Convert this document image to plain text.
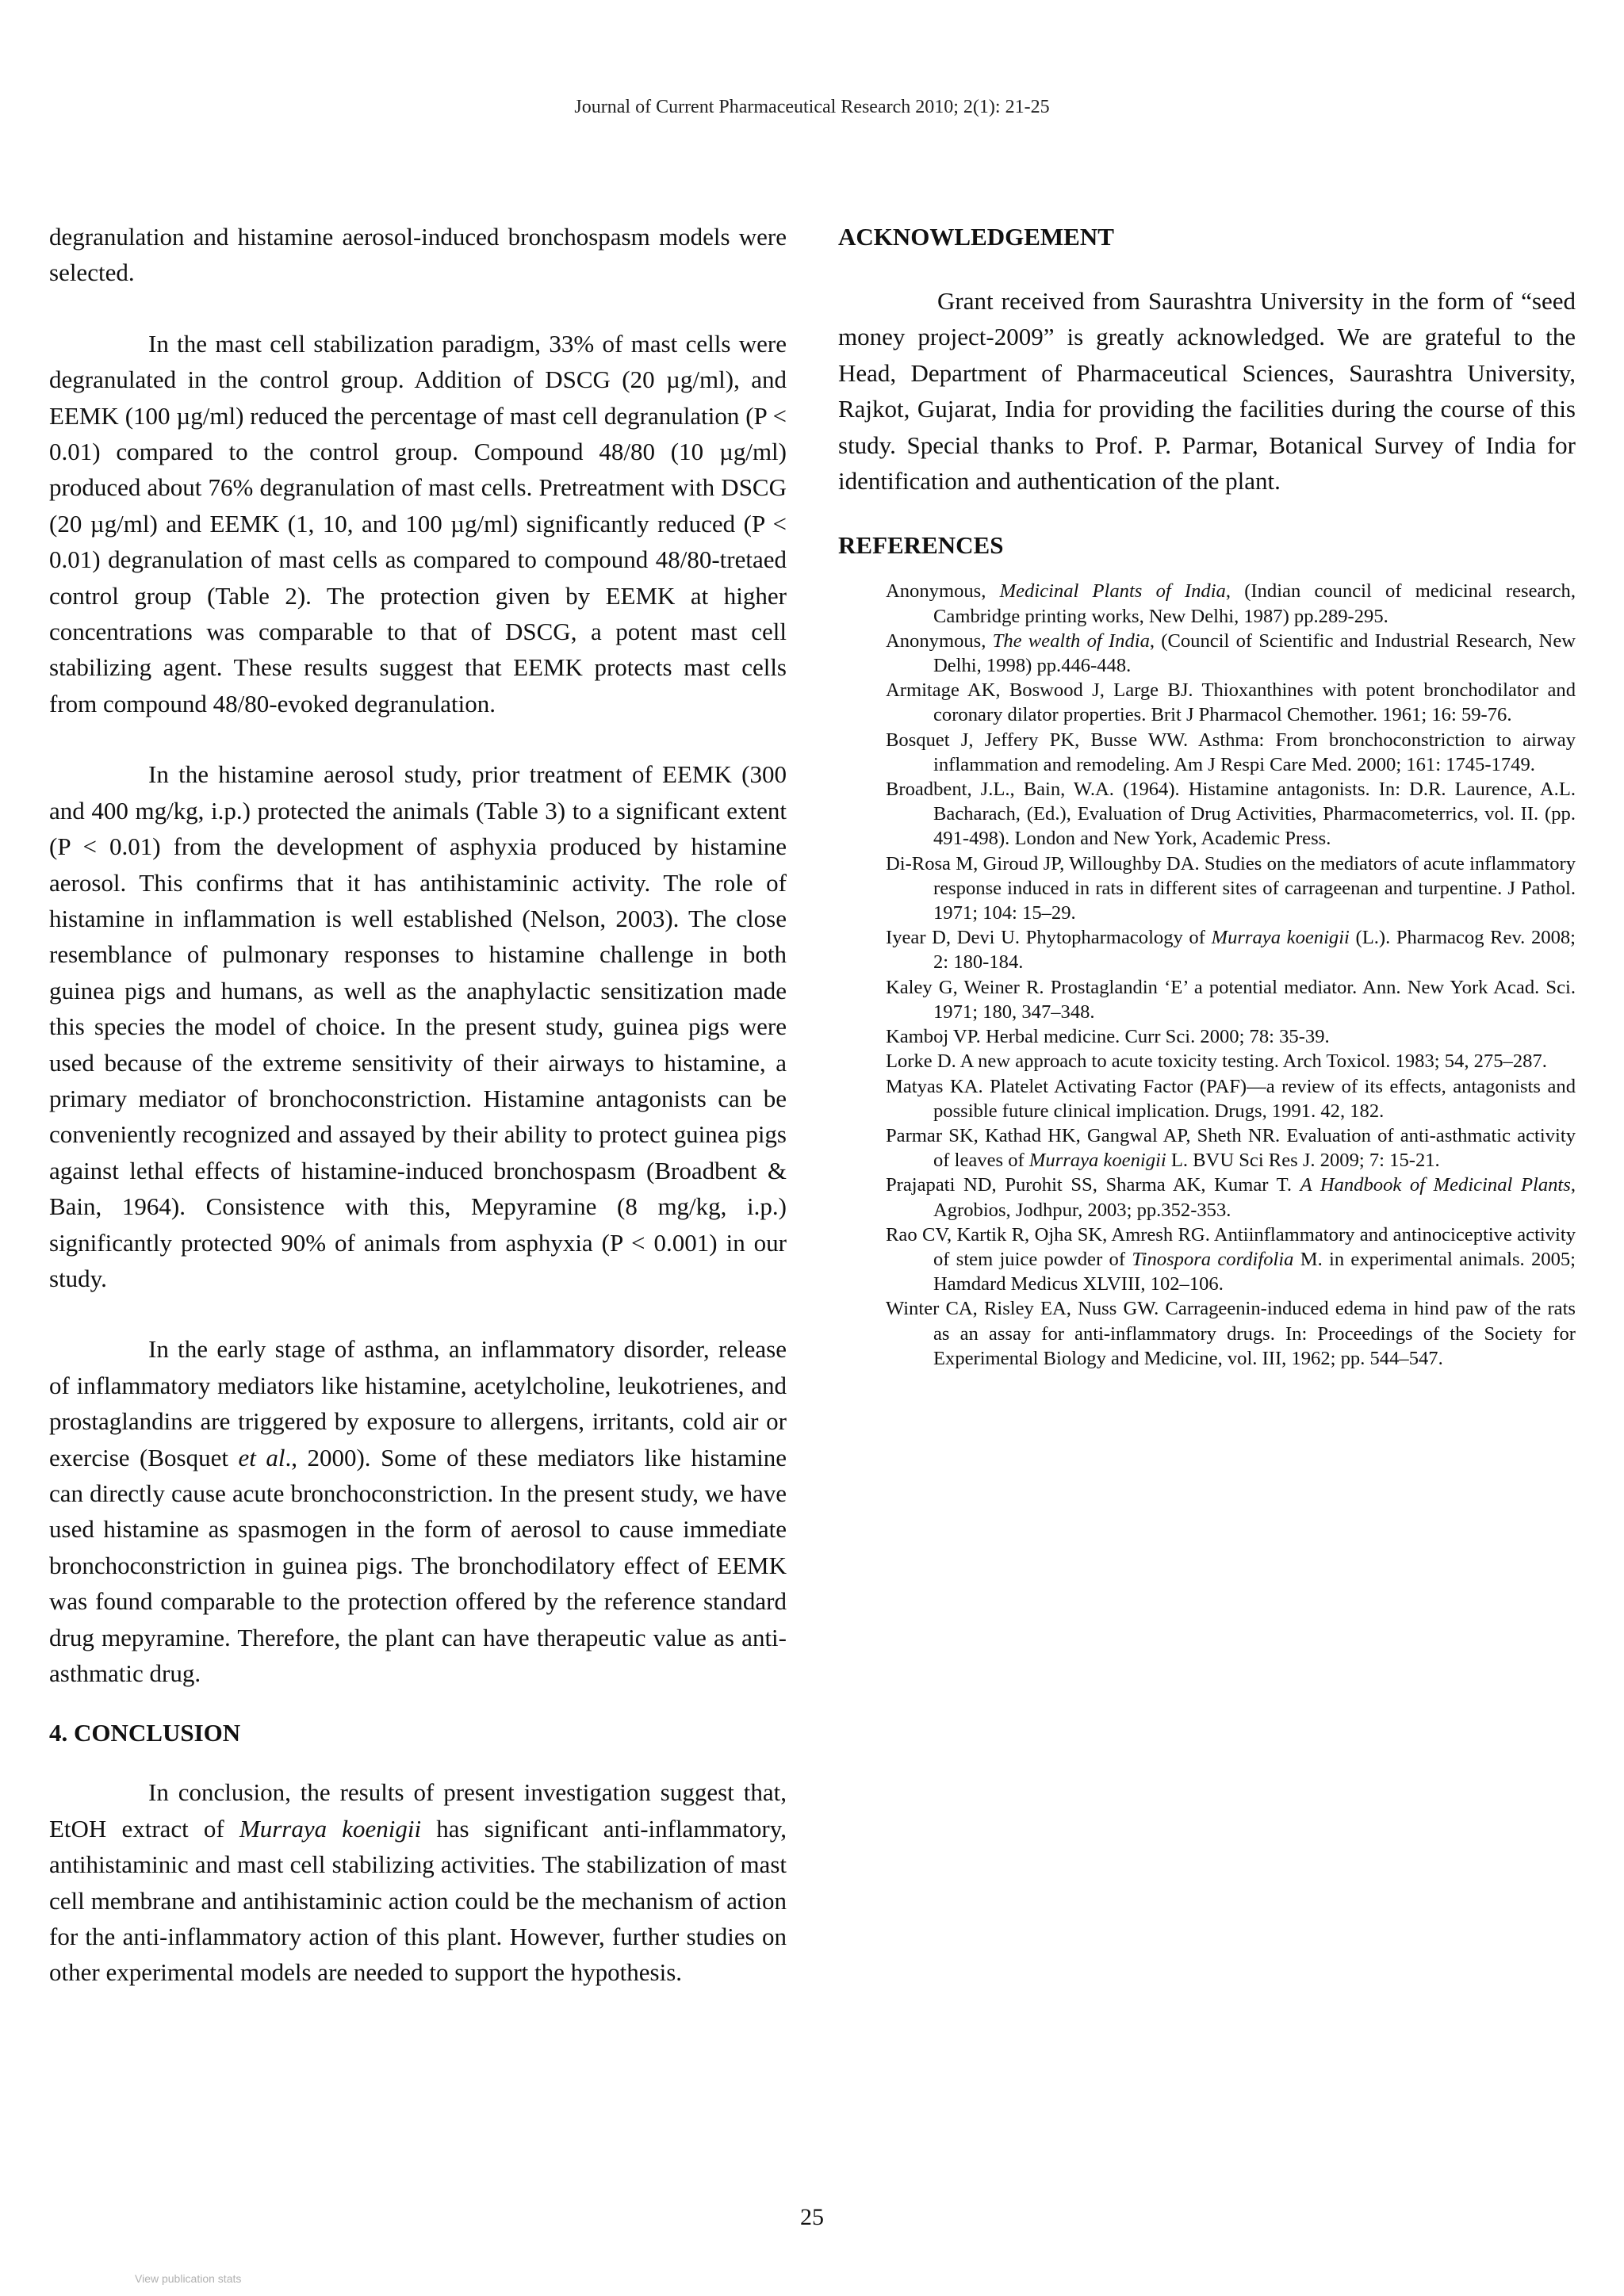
Journal of Current Pharmaceutical Research 2010; 2(1): 21-25

degranulation and histamine aerosol-induced bronchospasm models were selected.

In the mast cell stabilization paradigm, 33% of mast cells were degranulated in the control group. Addition of DSCG (20 µg/ml), and EEMK (100 µg/ml) reduced the percentage of mast cell degranulation (P < 0.01) compared to the control group. Compound 48/80 (10 µg/ml) produced about 76% degranulation of mast cells. Pretreatment with DSCG (20 µg/ml) and EEMK (1, 10, and 100 µg/ml) significantly reduced (P < 0.01) degranulation of mast cells as compared to compound 48/80-tretaed control group (Table 2). The protection given by EEMK at higher concentrations was comparable to that of DSCG, a potent mast cell stabilizing agent. These results suggest that EEMK protects mast cells from compound 48/80-evoked degranulation.

In the histamine aerosol study, prior treatment of EEMK (300 and 400 mg/kg, i.p.) protected the animals (Table 3) to a significant extent (P < 0.01) from the development of asphyxia produced by histamine aerosol. This confirms that it has antihistaminic activity. The role of histamine in inflammation is well established (Nelson, 2003). The close resemblance of pulmonary responses to histamine challenge in both guinea pigs and humans, as well as the anaphylactic sensitization made this species the model of choice. In the present study, guinea pigs were used because of the extreme sensitivity of their airways to histamine, a primary mediator of bronchoconstriction. Histamine antagonists can be conveniently recognized and assayed by their ability to protect guinea pigs against lethal effects of histamine-induced bronchospasm (Broadbent & Bain, 1964). Consistence with this, Mepyramine (8 mg/kg, i.p.) significantly protected 90% of animals from asphyxia (P < 0.001) in our study.

In the early stage of asthma, an inflammatory disorder, release of inflammatory mediators like histamine, acetylcholine, leukotrienes, and prostaglandins are triggered by exposure to allergens, irritants, cold air or exercise (Bosquet et al., 2000). Some of these mediators like histamine can directly cause acute bronchoconstriction. In the present study, we have used histamine as spasmogen in the form of aerosol to cause immediate bronchoconstriction in guinea pigs. The bronchodilatory effect of EEMK was found comparable to the protection offered by the reference standard drug mepyramine. Therefore, the plant can have therapeutic value as anti-asthmatic drug.

4. CONCLUSION

In conclusion, the results of present investigation suggest that, EtOH extract of Murraya koenigii has significant anti-inflammatory, antihistaminic and mast cell stabilizing activities. The stabilization of mast cell membrane and antihistaminic action could be the mechanism of action for the anti-inflammatory action of this plant. However, further studies on other experimental models are needed to support the hypothesis.

ACKNOWLEDGEMENT

Grant received from Saurashtra University in the form of “seed money project-2009” is greatly acknowledged. We are grateful to the Head, Department of Pharmaceutical Sciences, Saurashtra University, Rajkot, Gujarat, India for providing the facilities during the course of this study. Special thanks to Prof. P. Parmar, Botanical Survey of India for identification and authentication of the plant.

REFERENCES

Anonymous, Medicinal Plants of India, (Indian council of medicinal research, Cambridge printing works, New Delhi, 1987) pp.289-295.

Anonymous, The wealth of India, (Council of Scientific and Industrial Research, New Delhi, 1998) pp.446-448.

Armitage AK, Boswood J, Large BJ. Thioxanthines with potent bronchodilator and coronary dilator properties. Brit J Pharmacol Chemother. 1961; 16: 59-76.

Bosquet J, Jeffery PK, Busse WW. Asthma: From bronchoconstriction to airway inflammation and remodeling. Am J Respi Care Med. 2000; 161: 1745-1749.

Broadbent, J.L., Bain, W.A. (1964). Histamine antagonists. In: D.R. Laurence, A.L. Bacharach, (Ed.), Evaluation of Drug Activities, Pharmacometerrics, vol. II. (pp. 491-498). London and New York, Academic Press.

Di-Rosa M, Giroud JP, Willoughby DA. Studies on the mediators of acute inflammatory response induced in rats in different sites of carrageenan and turpentine. J Pathol. 1971; 104: 15–29.

Iyear D, Devi U. Phytopharmacology of Murraya koenigii (L.). Pharmacog Rev. 2008; 2: 180-184.

Kaley G, Weiner R. Prostaglandin ‘E’ a potential mediator. Ann. New York Acad. Sci. 1971; 180, 347–348.

Kamboj VP. Herbal medicine. Curr Sci. 2000; 78: 35-39.

Lorke D. A new approach to acute toxicity testing. Arch Toxicol. 1983; 54, 275–287.

Matyas KA. Platelet Activating Factor (PAF)—a review of its effects, antagonists and possible future clinical implication. Drugs, 1991. 42, 182.

Parmar SK, Kathad HK, Gangwal AP, Sheth NR. Evaluation of anti-asthmatic activity of leaves of Murraya koenigii L. BVU Sci Res J. 2009; 7: 15-21.

Prajapati ND, Purohit SS, Sharma AK, Kumar T. A Handbook of Medicinal Plants, Agrobios, Jodhpur, 2003; pp.352-353.

Rao CV, Kartik R, Ojha SK, Amresh RG. Antiinflammatory and antinociceptive activity of stem juice powder of Tinospora cordifolia M. in experimental animals. 2005; Hamdard Medicus XLVIII, 102–106.

Winter CA, Risley EA, Nuss GW. Carrageenin-induced edema in hind paw of the rats as an assay for anti-inflammatory drugs. In: Proceedings of the Society for Experimental Biology and Medicine, vol. III, 1962; pp. 544–547.

25
View publication stats
